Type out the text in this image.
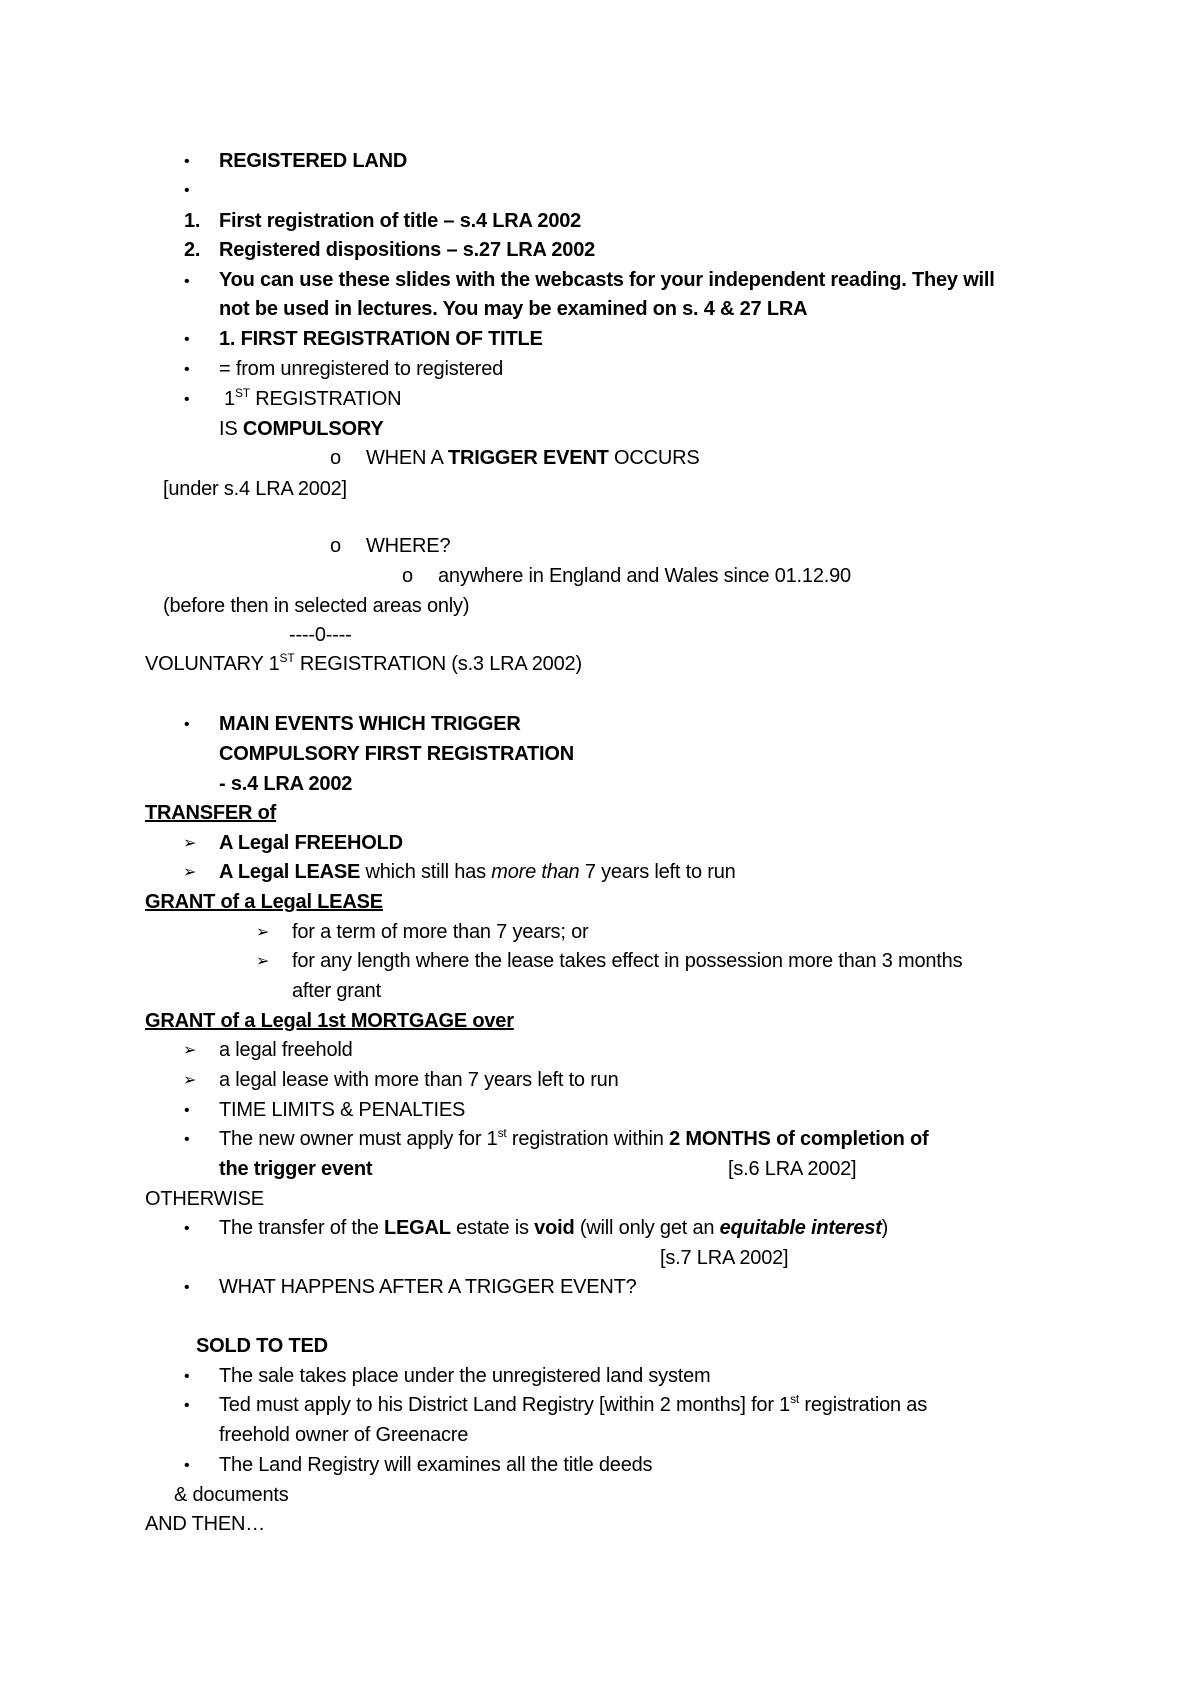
• REGISTERED LAND
•
1. First registration of title – s.4 LRA 2002
2. Registered dispositions – s.27 LRA 2002
• You can use these slides with the webcasts for your independent reading. They will
not be used in lectures. You may be examined on s. 4 & 27 LRA
• 1. FIRST REGISTRATION OF TITLE
• = from unregistered to registered
• 1ST REGISTRATION
IS COMPULSORY
o WHEN A TRIGGER EVENT OCCURS
[under s.4 LRA 2002]
o WHERE?
o anywhere in England and Wales since 01.12.90
(before then in selected areas only)
----0----
VOLUNTARY 1ST REGISTRATION (s.3 LRA 2002)
• MAIN EVENTS WHICH TRIGGER
COMPULSORY FIRST REGISTRATION
- s.4 LRA 2002
TRANSFER of
➢ A Legal FREEHOLD
➢ A Legal LEASE which still has more than 7 years left to run
GRANT of a Legal LEASE
➢ for a term of more than 7 years; or
➢ for any length where the lease takes effect in possession more than 3 months
after grant
GRANT of a Legal 1st MORTGAGE over
➢ a legal freehold
➢ a legal lease with more than 7 years left to run
• TIME LIMITS & PENALTIES
• The new owner must apply for 1st registration within 2 MONTHS of completion of
the trigger event	[s.6 LRA 2002]
OTHERWISE
• The transfer of the LEGAL estate is void (will only get an equitable interest)
[s.7 LRA 2002]
• WHAT HAPPENS AFTER A TRIGGER EVENT?
SOLD TO TED
• The sale takes place under the unregistered land system
• Ted must apply to his District Land Registry [within 2 months] for 1st registration as
freehold owner of Greenacre
• The Land Registry will examines all the title deeds
& documents
AND THEN…
